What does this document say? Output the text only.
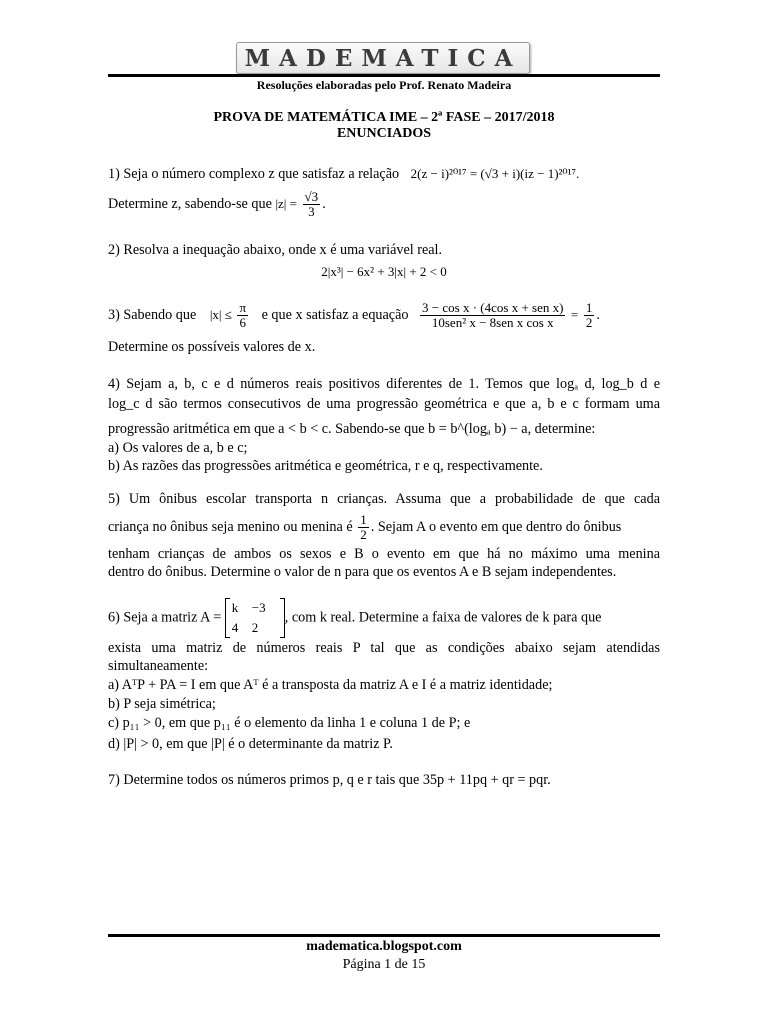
MADEMATICA
Resoluções elaboradas pelo Prof. Renato Madeira
PROVA DE MATEMÁTICA IME – 2ª FASE – 2017/2018
ENUNCIADOS
1) Seja o número complexo z que satisfaz a relação 2(z − i)²⁰¹⁷ = (√3 + i)(iz − 1)²⁰¹⁷.
Determine z, sabendo-se que $|z| = \frac{√3}{3}$ .
2) Resolva a inequação abaixo, onde x é uma variável real.
2|x³| − 6x² + 3|x| + 2 < 0
3) Sabendo que $|x| \le \frac{\pi}{6}$ e que x satisfaz a equação $\frac{\text{3 − cos x · (4cos x + sen x)}}{\text{10sen² x − 8sen x cos x}} = \frac{1}{2}$ .
Determine os possíveis valores de x.
4) Sejam a, b, c e d números reais positivos diferentes de 1. Temos que logₐ d, log_b d e
log_c d são termos consecutivos de uma progressão geométrica e que a, b e c formam uma
progressão aritmética em que a < b < c. Sabendo-se que b = b^(logₐ b) − a, determine:
a) Os valores de a, b e c;
b) As razões das progressões aritmética e geométrica, r e q, respectivamente.
5) Um ônibus escolar transporta n crianças. Assuma que a probabilidade de que cada
criança no ônibus seja menino ou menina é $\frac{1}{2}$ . Sejam A o evento em que dentro do ônibus
tenham crianças de ambos os sexos e B o evento em que há no máximo uma menina
dentro do ônibus. Determine o valor de n para que os eventos A e B sejam independentes.
6) Seja a matriz A =
k	−3
4	2
, com k real. Determine a faixa de valores de k para que
exista uma matriz de números reais P tal que as condições abaixo sejam atendidas
simultaneamente:
a) AᵀP + PA = I em que Aᵀ é a transposta da matriz A e I é a matriz identidade;
b) P seja simétrica;
c) p₁₁ > 0, em que p₁₁ é o elemento da linha 1 e coluna 1 de P; e
d) |P| > 0, em que |P| é o determinante da matriz P.
7) Determine todos os números primos p, q e r tais que 35p + 11pq + qr = pqr.
madematica.blogspot.com
Página 1 de 15
